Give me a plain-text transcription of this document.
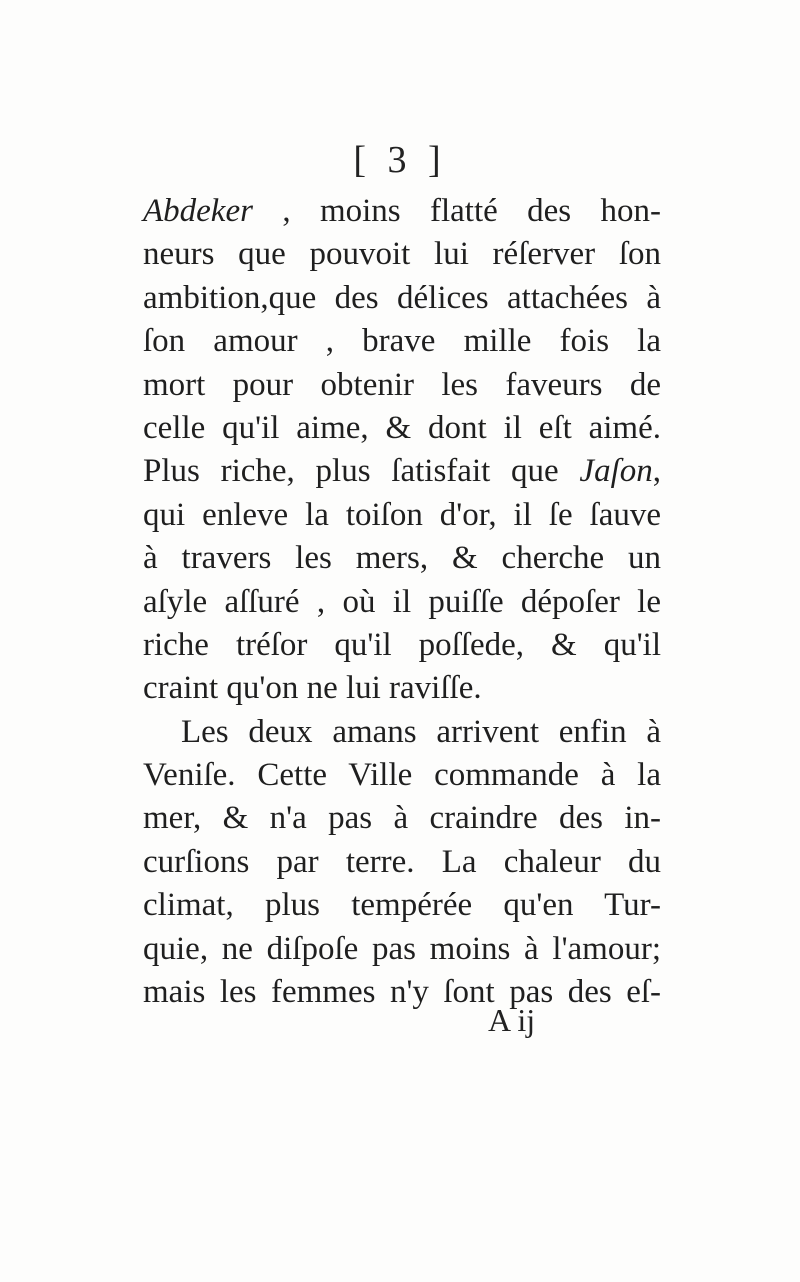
[ 3 ]
Abdeker , moins flatté des hon-
neurs que pouvoit lui réſerver ſon
ambition,que des délices attachées à
ſon amour , brave mille fois la
mort pour obtenir les faveurs de
celle qu'il aime, & dont il eſt aimé.
Plus riche, plus ſatisfait que Jaſon,
qui enleve la toiſon d'or, il ſe ſauve
à travers les mers, & cherche un
aſyle aſſuré , où il puiſſe dépoſer le
riche tréſor qu'il poſſede, & qu'il
craint qu'on ne lui raviſſe.
Les deux amans arrivent enfin à
Veniſe. Cette Ville commande à la
mer, & n'a pas à craindre des in-
curſions par terre. La chaleur du
climat, plus tempérée qu'en Tur-
quie, ne diſpoſe pas moins à l'amour;
mais les femmes n'y ſont pas des eſ-
A ij
